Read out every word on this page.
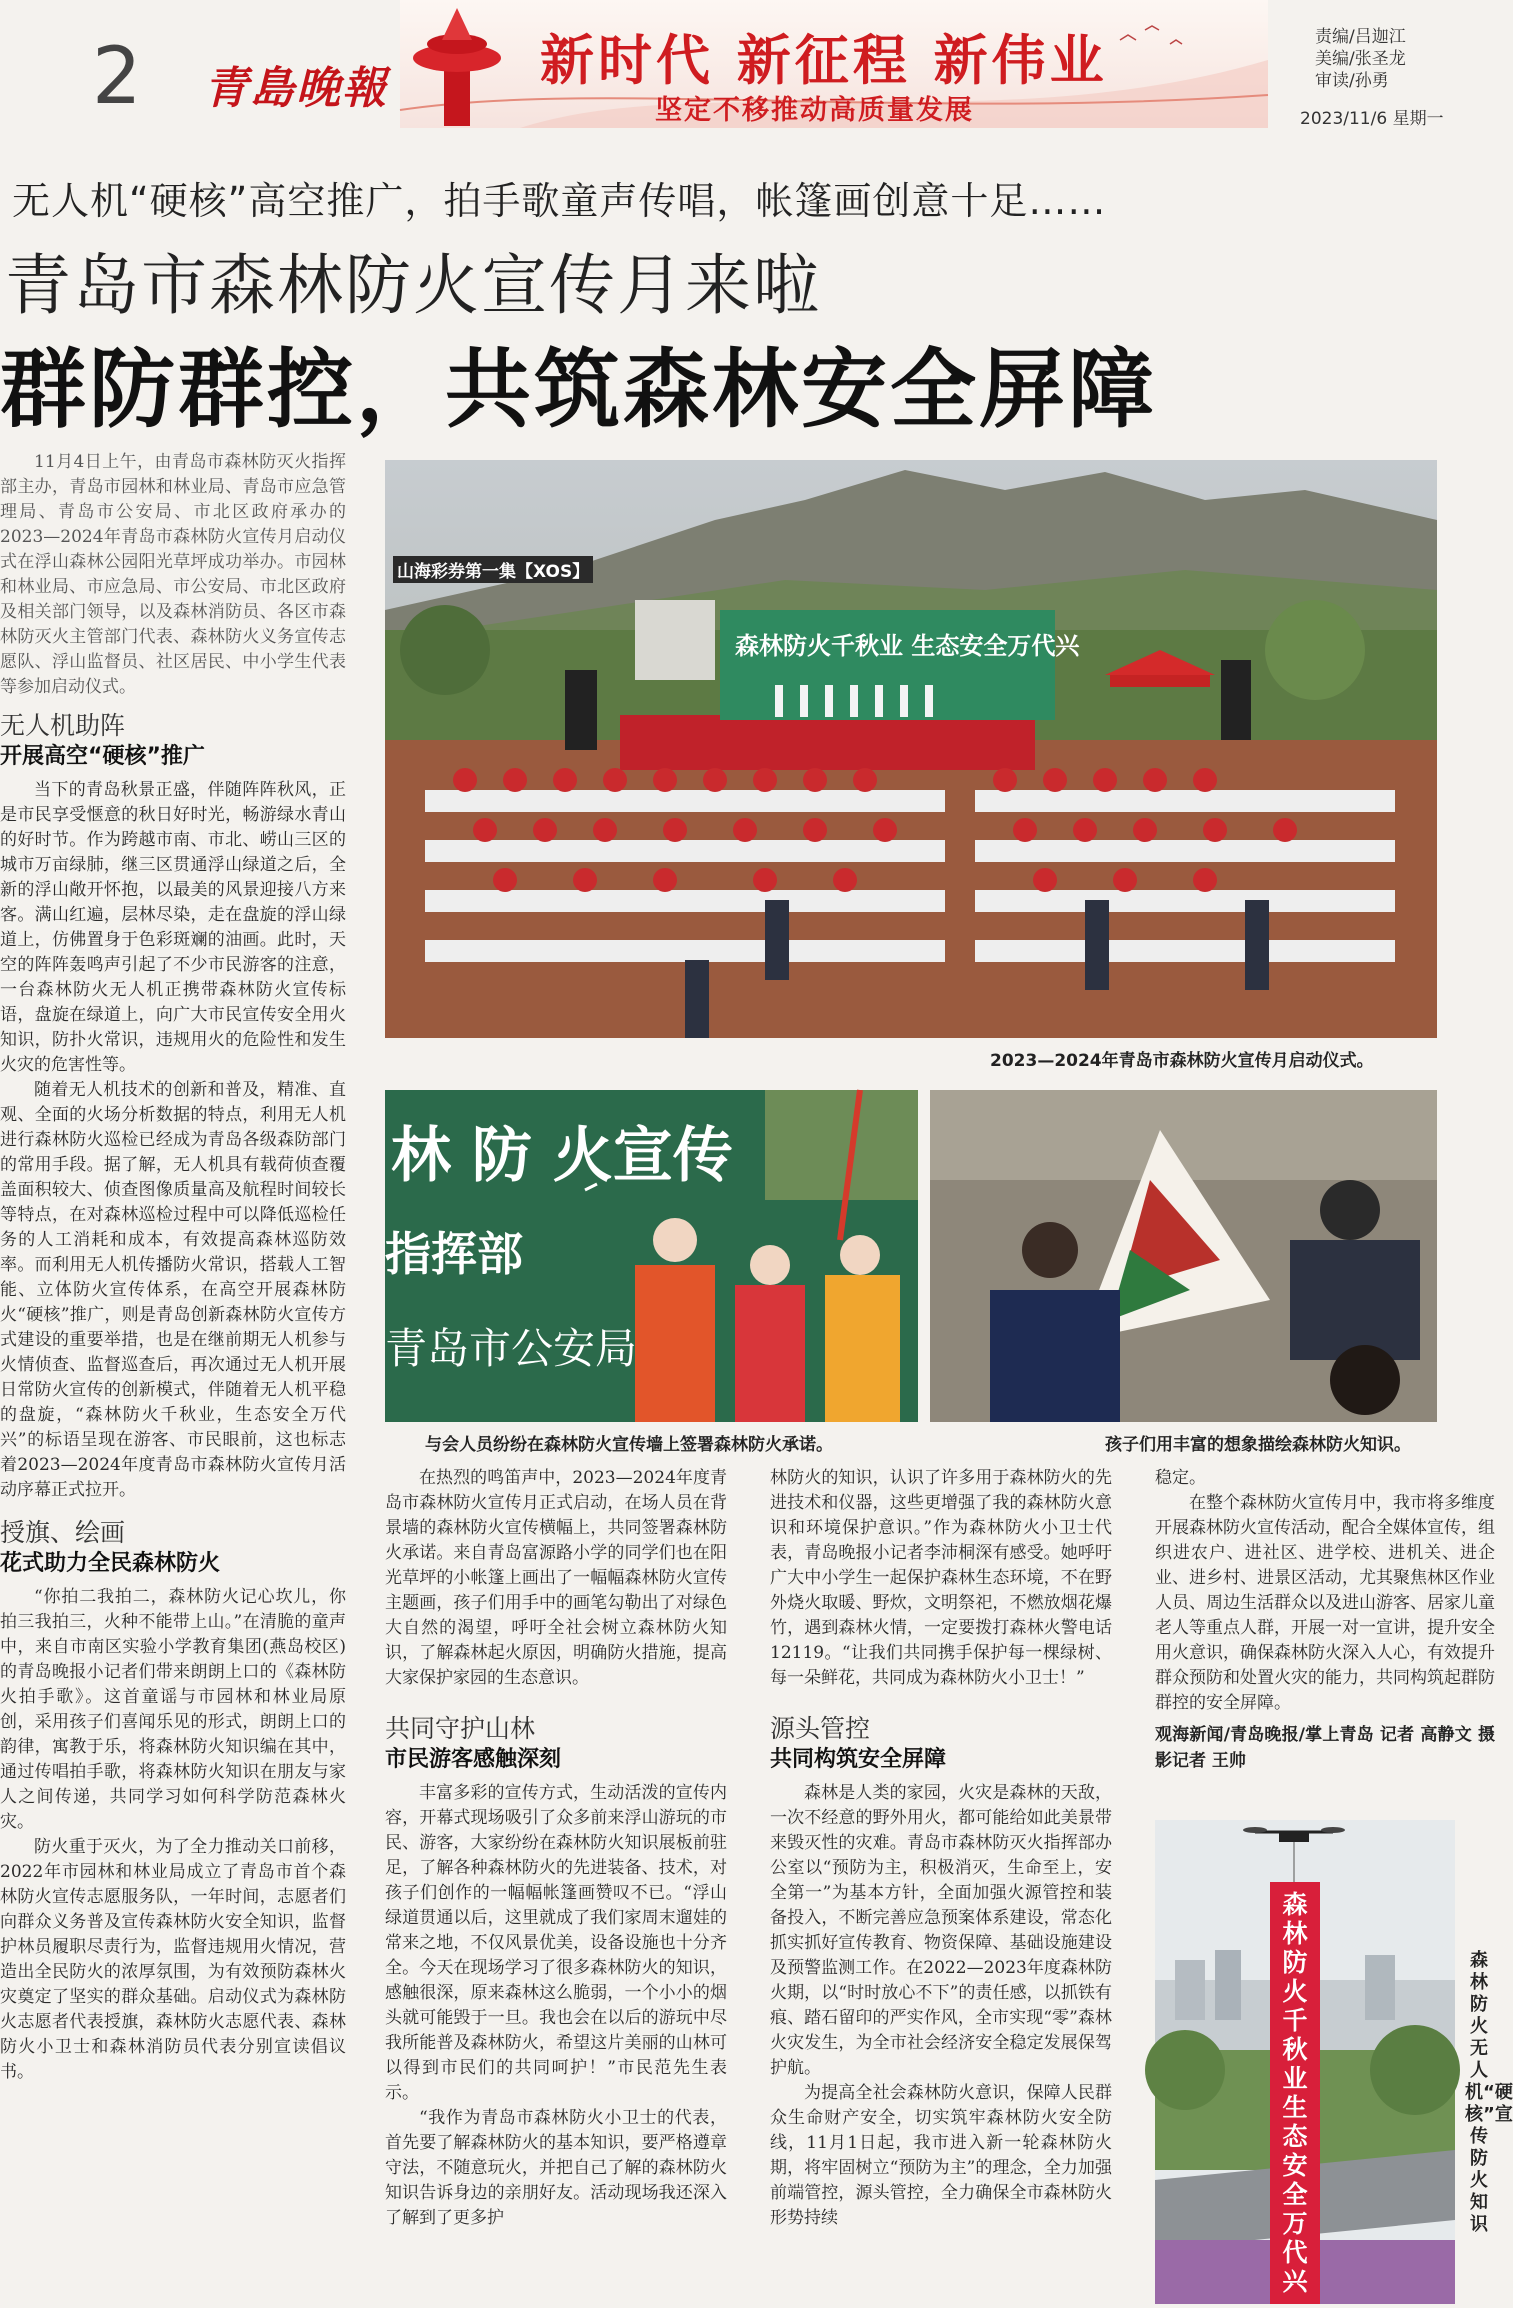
2 青島晚報	新时代 新征程 新伟业
坚定不移推动高质量发展
责编/吕迦江
美编/张圣龙
审读/孙勇
2023/11/6 星期一
无人机“硬核”高空推广，拍手歌童声传唱，帐篷画创意十足……
青岛市森林防火宣传月来啦
群防群控，共筑森林安全屏障

11月4日上午，由青岛市森林防灭火指挥部主办，青岛市园林和林业局、青岛市应急管理局、青岛市公安局、市北区政府承办的2023—2024年青岛市森林防火宣传月启动仪式在浮山森林公园阳光草坪成功举办。市园林和林业局、市应急局、市公安局、市北区政府及相关部门领导，以及森林消防员、各区市森林防灭火主管部门代表、森林防火义务宣传志愿队、浮山监督员、社区居民、中小学生代表等参加启动仪式。

无人机助阵
开展高空“硬核”推广

当下的青岛秋景正盛，伴随阵阵秋风，正是市民享受惬意的秋日好时光，畅游绿水青山的好时节。作为跨越市南、市北、崂山三区的城市万亩绿肺，继三区贯通浮山绿道之后，全新的浮山敞开怀抱，以最美的风景迎接八方来客。满山红遍，层林尽染，走在盘旋的浮山绿道上，仿佛置身于色彩斑斓的油画。此时，天空的阵阵轰鸣声引起了不少市民游客的注意，一台森林防火无人机正携带森林防火宣传标语，盘旋在绿道上，向广大市民宣传安全用火知识，防扑火常识，违规用火的危险性和发生火灾的危害性等。

随着无人机技术的创新和普及，精准、直观、全面的火场分析数据的特点，利用无人机进行森林防火巡检已经成为青岛各级森防部门的常用手段。据了解，无人机具有载荷侦查覆盖面积较大、侦查图像质量高及航程时间较长等特点，在对森林巡检过程中可以降低巡检任务的人工消耗和成本，有效提高森林巡防效率。而利用无人机传播防火常识，搭载人工智能、立体防火宣传体系，在高空开展森林防火“硬核”推广，则是青岛创新森林防火宣传方式建设的重要举措，也是在继前期无人机参与火情侦查、监督巡查后，再次通过无人机开展日常防火宣传的创新模式，伴随着无人机平稳的盘旋，“森林防火千秋业，生态安全万代兴”的标语呈现在游客、市民眼前，这也标志着2023—2024年度青岛市森林防火宣传月活动序幕正式拉开。

授旗、绘画
花式助力全民森林防火

“你拍二我拍二，森林防火记心坎儿，你拍三我拍三，火种不能带上山。”在清脆的童声中，来自市南区实验小学教育集团(燕岛校区)的青岛晚报小记者们带来朗朗上口的《森林防火拍手歌》。这首童谣与市园林和林业局原创，采用孩子们喜闻乐见的形式，朗朗上口的韵律，寓教于乐，将森林防火知识编在其中，通过传唱拍手歌，将森林防火知识在朋友与家人之间传递，共同学习如何科学防范森林火灾。

防火重于灭火，为了全力推动关口前移，2022年市园林和林业局成立了青岛市首个森林防火宣传志愿服务队，一年时间，志愿者们向群众义务普及宣传森林防火安全知识，监督护林员履职尽责行为，监督违规用火情况，营造出全民防火的浓厚氛围，为有效预防森林火灾奠定了坚实的群众基础。启动仪式为森林防火志愿者代表授旗，森林防火志愿代表、森林防火小卫士和森林消防员代表分别宣读倡议书。

森林防火千秋业 生态安全万代兴
山海彩券第一集【XOS】
2023—2024年青岛市森林防火宣传月启动仪式。
林 防 火宣传
指挥部
青岛市公安局
与会人员纷纷在森林防火宣传墙上签署森林防火承诺。	孩子们用丰富的想象描绘森林防火知识。

在热烈的鸣笛声中，2023—2024年度青岛市森林防火宣传月正式启动，在场人员在背景墙的森林防火宣传横幅上，共同签署森林防火承诺。来自青岛富源路小学的同学们也在阳光草坪的小帐篷上画出了一幅幅森林防火宣传主题画，孩子们用手中的画笔勾勒出了对绿色大自然的渴望，呼吁全社会树立森林防火知识，了解森林起火原因，明确防火措施，提高大家保护家园的生态意识。

共同守护山林
市民游客感触深刻

丰富多彩的宣传方式，生动活泼的宣传内容，开幕式现场吸引了众多前来浮山游玩的市民、游客，大家纷纷在森林防火知识展板前驻足，了解各种森林防火的先进装备、技术，对孩子们创作的一幅幅帐篷画赞叹不已。“浮山绿道贯通以后，这里就成了我们家周末遛娃的常来之地，不仅风景优美，设备设施也十分齐全。今天在现场学习了很多森林防火的知识，感触很深，原来森林这么脆弱，一个小小的烟头就可能毁于一旦。我也会在以后的游玩中尽我所能普及森林防火，希望这片美丽的山林可以得到市民们的共同呵护！”市民范先生表示。

“我作为青岛市森林防火小卫士的代表，首先要了解森林防火的基本知识，要严格遵章守法，不随意玩火，并把自己了解的森林防火知识告诉身边的亲朋好友。活动现场我还深入了解到了更多护

林防火的知识，认识了许多用于森林防火的先进技术和仪器，这些更增强了我的森林防火意识和环境保护意识。”作为森林防火小卫士代表，青岛晚报小记者李沛桐深有感受。她呼吁广大中小学生一起保护森林生态环境，不在野外烧火取暖、野炊，文明祭祀，不燃放烟花爆竹，遇到森林火情，一定要拨打森林火警电话12119。“让我们共同携手保护每一棵绿树、每一朵鲜花，共同成为森林防火小卫士！”

源头管控
共同构筑安全屏障

森林是人类的家园，火灾是森林的天敌，一次不经意的野外用火，都可能给如此美景带来毁灭性的灾难。青岛市森林防灭火指挥部办公室以“预防为主，积极消灭，生命至上，安全第一”为基本方针，全面加强火源管控和装备投入，不断完善应急预案体系建设，常态化抓实抓好宣传教育、物资保障、基础设施建设及预警监测工作。在2022—2023年度森林防火期，以“时时放心不下”的责任感，以抓铁有痕、踏石留印的严实作风，全市实现“零”森林火灾发生，为全市社会经济安全稳定发展保驾护航。

为提高全社会森林防火意识，保障人民群众生命财产安全，切实筑牢森林防火安全防线，11月1日起，我市进入新一轮森林防火期，将牢固树立“预防为主”的理念，全力加强前端管控，源头管控，全力确保全市森林防火形势持续

稳定。

在整个森林防火宣传月中，我市将多维度开展森林防火宣传活动，配合全媒体宣传，组织进农户、进社区、进学校、进机关、进企业、进乡村、进景区活动，尤其聚焦林区作业人员、周边生活群众以及进山游客、居家儿童老人等重点人群，开展一对一宣讲，提升安全用火意识，确保森林防火深入人心，有效提升群众预防和处置火灾的能力，共同构筑起群防群控的安全屏障。

观海新闻/青岛晚报/掌上青岛 记者 高静文 摄影记者 王帅
森林防火千秋业 生态安全万代兴
森林防火无人机“硬核”宣传防火知识
